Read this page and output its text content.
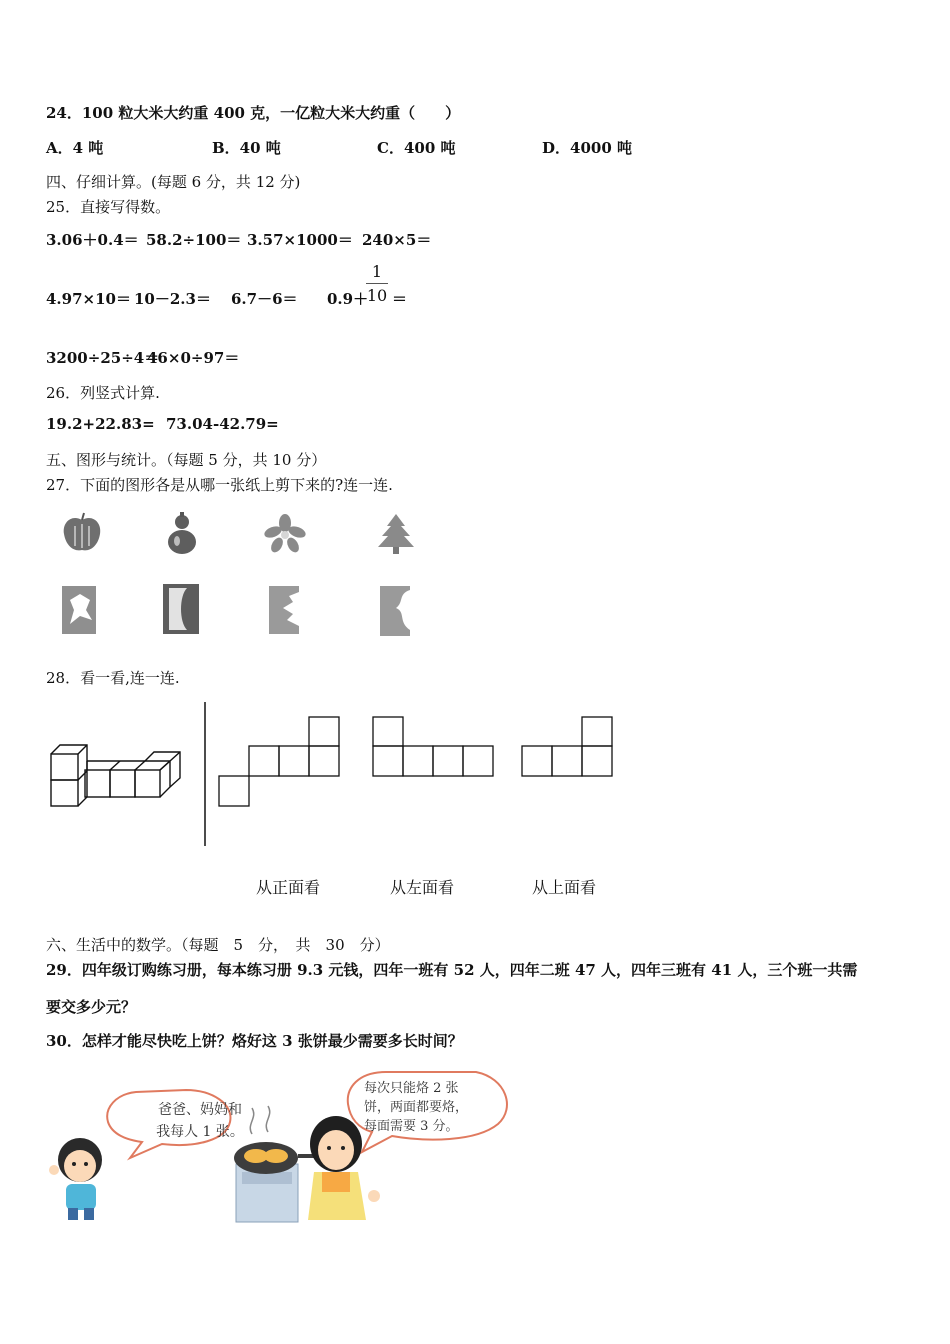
24．100 粒大米大约重 400 克，一亿粒大米大约重（　　）
A．4 吨	B．40 吨	C．400 吨	D．4000 吨
四、仔细计算。(每题 6 分，共 12 分)
25．直接写得数。
3.06＋0.4＝ 58.2÷100＝ 3.57×1000＝ 240×5＝
4.97×10＝ 10－2.3＝ 6.7－6＝ 0.9＋
1
10 ＝
3200÷25÷4＝
46×0÷97＝
26．列竖式计算.
19.2+22.83= 73.04-42.79=
五、图形与统计。（每题 5 分，共 10 分）
27．下面的图形各是从哪一张纸上剪下来的?连一连.
28．看一看,连一连.
从正面看	从左面看	从上面看
六、生活中的数学。（每题　5　分，　共　30　分）
29．四年级订购练习册，每本练习册 9.3 元钱，四年一班有 52 人，四年二班 47 人，四年三班有 41 人，三个班一共需
要交多少元？
30．怎样才能尽快吃上饼？烙好这 3 张饼最少需要多长时间？
爸爸、妈妈和
我每人 1 张。
每次只能烙 2 张
饼，两面都要烙，
每面需要 3 分。
